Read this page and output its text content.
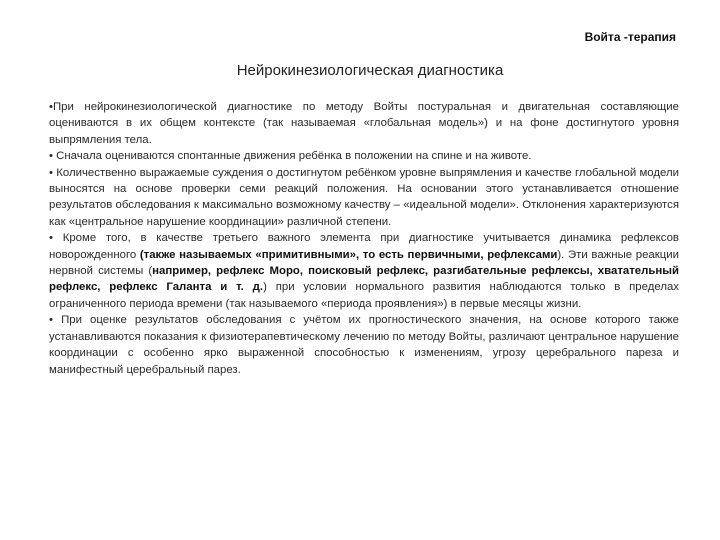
Войта -терапия
Нейрокинезиологическая диагностика

•При нейрокинезиологической диагностике по методу Войты постуральная и двигательная составляющие оцениваются в их общем контексте (так называемая «глобальная модель») и на фоне достигнутого уровня выпрямления тела.

• Сначала оцениваются спонтанные движения ребёнка в положении на спине и на животе.

• Количественно выражаемые суждения о достигнутом ребёнком уровне выпрямления и качестве глобальной модели выносятся на основе проверки семи реакций положения. На основании этого устанавливается отношение результатов обследования к максимально возможному качеству – «идеальной модели». Отклонения характеризуются как «центральное нарушение координации» различной степени.

• Кроме того, в качестве третьего важного элемента при диагностике учитывается динамика рефлексов новорожденного (также называемых «примитивными», то есть первичными, рефлексами). Эти важные реакции нервной системы (например, рефлекс Моро, поисковый рефлекс, разгибательные рефлексы, хватательный рефлекс, рефлекс Галанта и т. д.) при условии нормального развития наблюдаются только в пределах ограниченного периода времени (так называемого «периода проявления») в первые месяцы жизни.

• При оценке результатов обследования с учётом их прогностического значения, на основе которого также устанавливаются показания к физиотерапевтическому лечению по методу Войты, различают центральное нарушение координации с особенно ярко выраженной способностью к изменениям, угрозу церебрального пареза и манифестный церебральный парез.
